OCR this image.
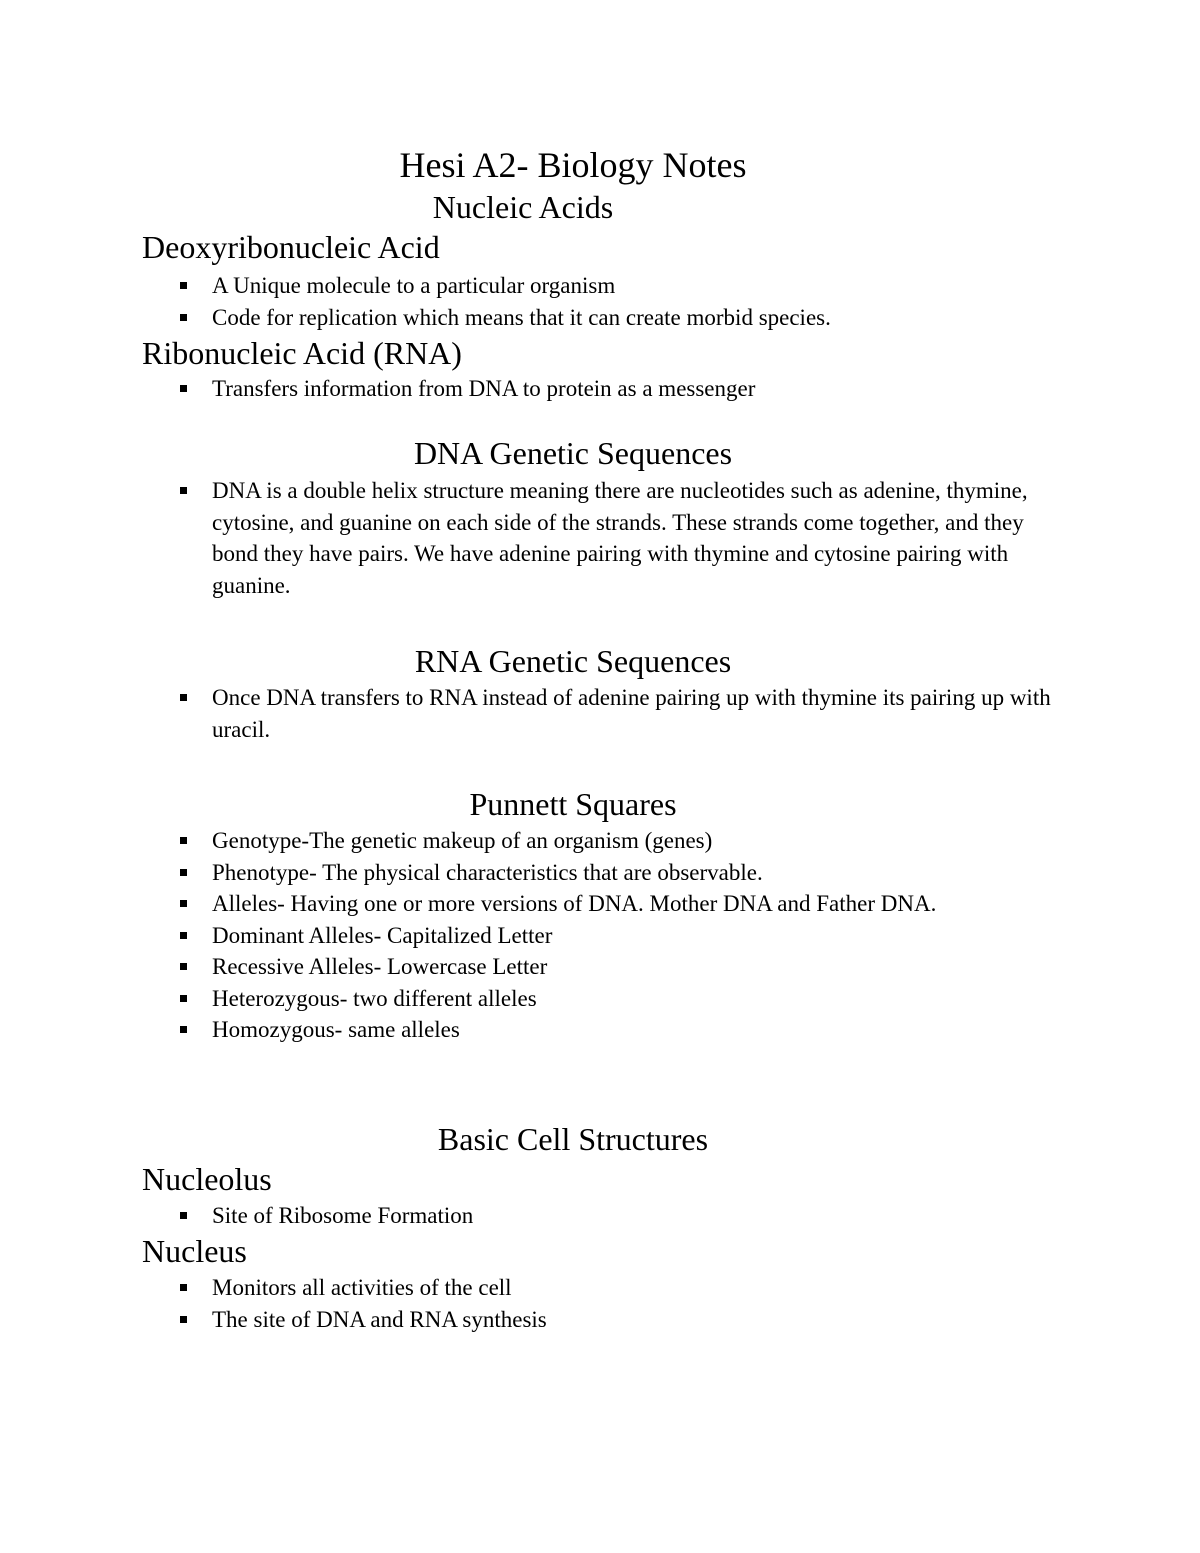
Hesi A2- Biology Notes
Nucleic Acids
Deoxyribonucleic Acid
A Unique molecule to a particular organism
Code for replication which means that it can create morbid species.
Ribonucleic Acid (RNA)
Transfers information from DNA to protein as a messenger
DNA Genetic Sequences
DNA is a double helix structure meaning there are nucleotides such as adenine, thymine, cytosine, and guanine on each side of the strands. These strands come together, and they bond they have pairs. We have adenine pairing with thymine and cytosine pairing with guanine.
RNA Genetic Sequences
Once DNA transfers to RNA instead of adenine pairing up with thymine its pairing up with uracil.
Punnett Squares
Genotype-The genetic makeup of an organism (genes)
Phenotype- The physical characteristics that are observable.
Alleles- Having one or more versions of DNA. Mother DNA and Father DNA.
Dominant Alleles- Capitalized Letter
Recessive Alleles- Lowercase Letter
Heterozygous- two different alleles
Homozygous- same alleles
Basic Cell Structures
Nucleolus
Site of Ribosome Formation
Nucleus
Monitors all activities of the cell
The site of DNA and RNA synthesis
